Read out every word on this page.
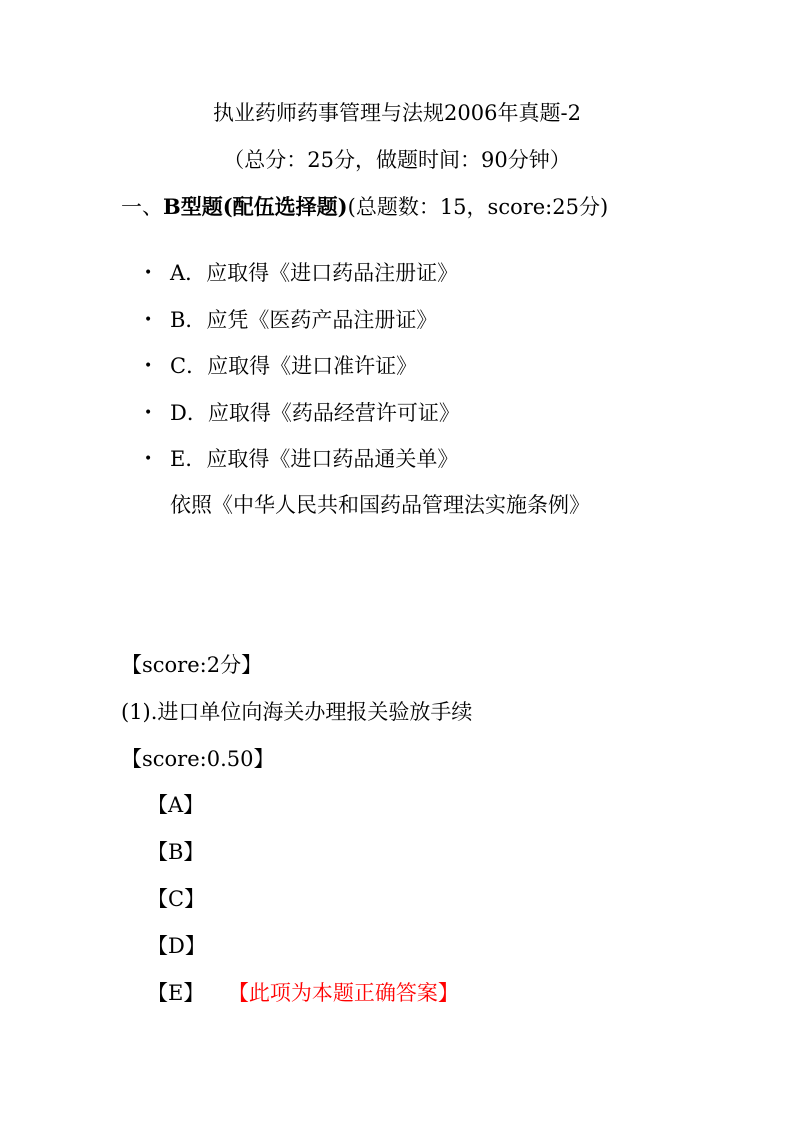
执业药师药事管理与法规2006年真题-2
（总分：25分，做题时间：90分钟）
一、B型题(配伍选择题)(总题数：15，score:25分)
• A．应取得《进口药品注册证》
• B．应凭《医药产品注册证》
• C．应取得《进口准许证》
• D．应取得《药品经营许可证》
• E．应取得《进口药品通关单》
依照《中华人民共和国药品管理法实施条例》
【score:2分】
(1).进口单位向海关办理报关验放手续
【score:0.50】
【A】
【B】
【C】
【D】
【E】 【此项为本题正确答案】
